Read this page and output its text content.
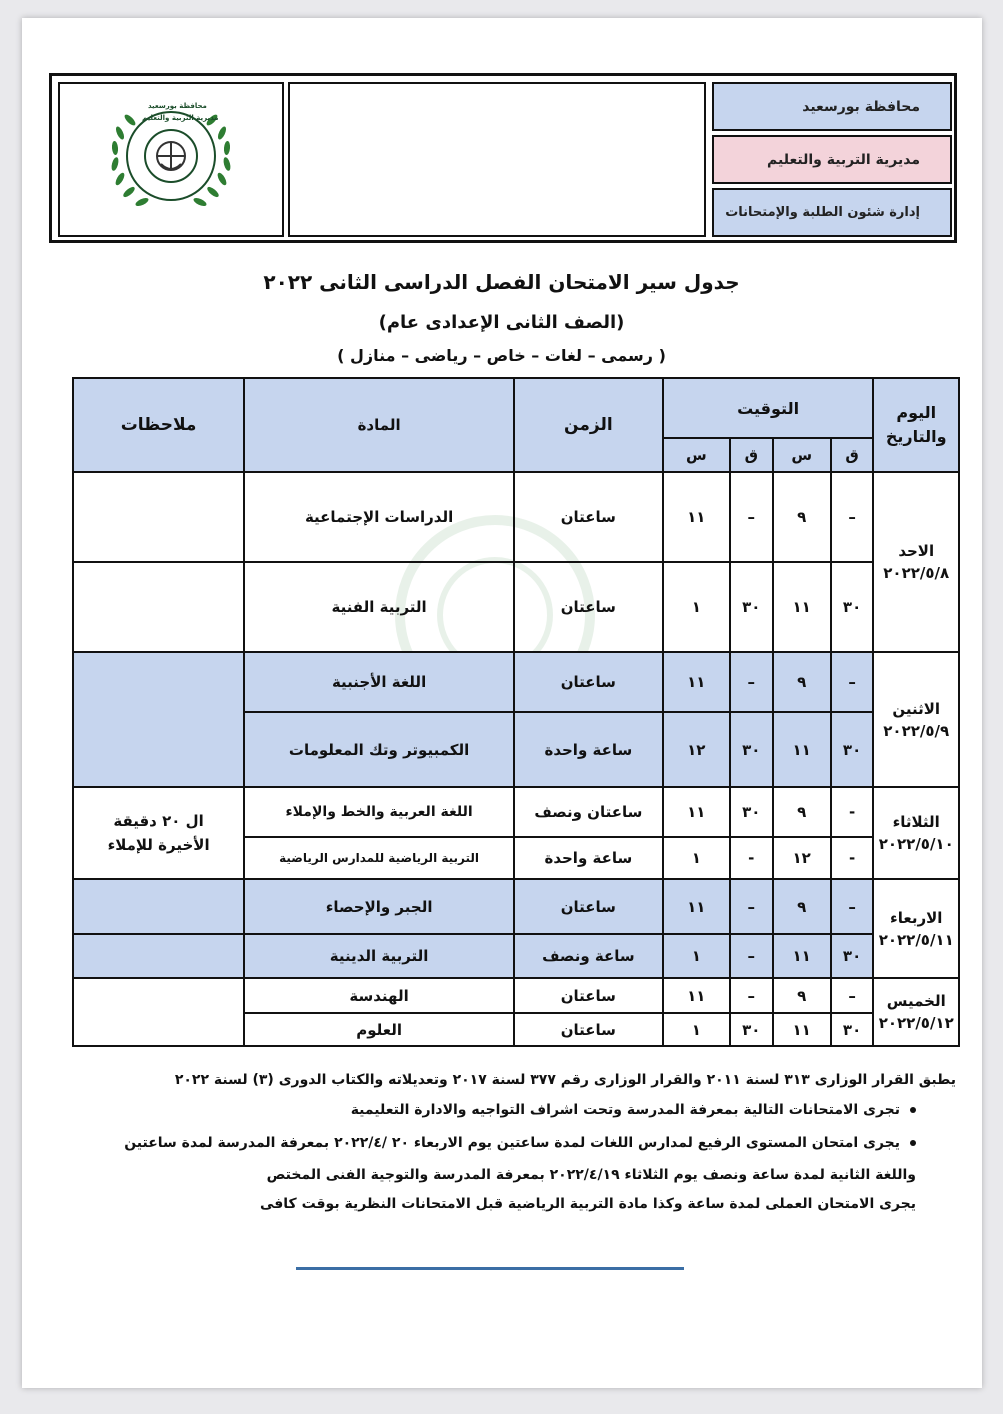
محافظة بورسعيد
مديرية التربية والتعليم
محافظة بورسعيد
مديرية التربية والتعليم
إدارة شئون الطلبة والإمتحانات
جدول سير الامتحان الفصل الدراسى الثانى ٢٠٢٢
(الصف الثانى الإعدادى عام)
( رسمى – لغات – خاص – رياضى – منازل )
اليوم والتاريخ	التوقيت				الزمن	المادة	ملاحظات
	ق	س	ق	س			

الاحد
٢٠٢٢/٥/٨	–	٩	–	١١	ساعتان	الدراسات الإجتماعية	
	٣٠	١١	٣٠	١	ساعتان	التربية الفنية	

الاثنين
٢٠٢٢/٥/٩	–	٩	–	١١	ساعتان	اللغة الأجنبية	
	٣٠	١١	٣٠	١٢	ساعة واحدة	الكمبيوتر وتك المعلومات	

الثلاثاء
٢٠٢٢/٥/١٠	-	٩	٣٠	١١	ساعتان ونصف	اللغة العربية والخط والإملاء	ال ٢٠ دقيقة الأخيرة للإملاء
	-	١٢	-	١	ساعة واحدة	التربية الرياضية للمدارس الرياضية	

الاربعاء
٢٠٢٢/٥/١١	–	٩	–	١١	ساعتان	الجبر والإحصاء	
	٣٠	١١	–	١	ساعة ونصف	التربية الدينية	

الخميس
٢٠٢٢/٥/١٢	–	٩	–	١١	ساعتان	الهندسة	
	٣٠	١١	٣٠	١	ساعتان	العلوم	
يطبق القرار الوزارى ٣١٣ لسنة ٢٠١١ والقرار الوزارى رقم ٣٧٧ لسنة ٢٠١٧ وتعديلاته والكتاب الدورى (٣) لسنة ٢٠٢٢
تجرى الامتحانات التالية بمعرفة المدرسة وتحت اشراف التواجيه والادارة التعليمية
يجرى امتحان المستوى الرفيع لمدارس اللغات لمدة ساعتين يوم الاربعاء ٢٠ /٢٠٢٢/٤ بمعرفة المدرسة لمدة ساعتين
واللغة الثانية لمدة ساعة ونصف يوم الثلاثاء ٢٠٢٢/٤/١٩ بمعرفة المدرسة والتوجية الفنى المختص
يجرى الامتحان العملى لمدة ساعة وكذا مادة التربية الرياضية قبل الامتحانات النظرية بوقت كافى
